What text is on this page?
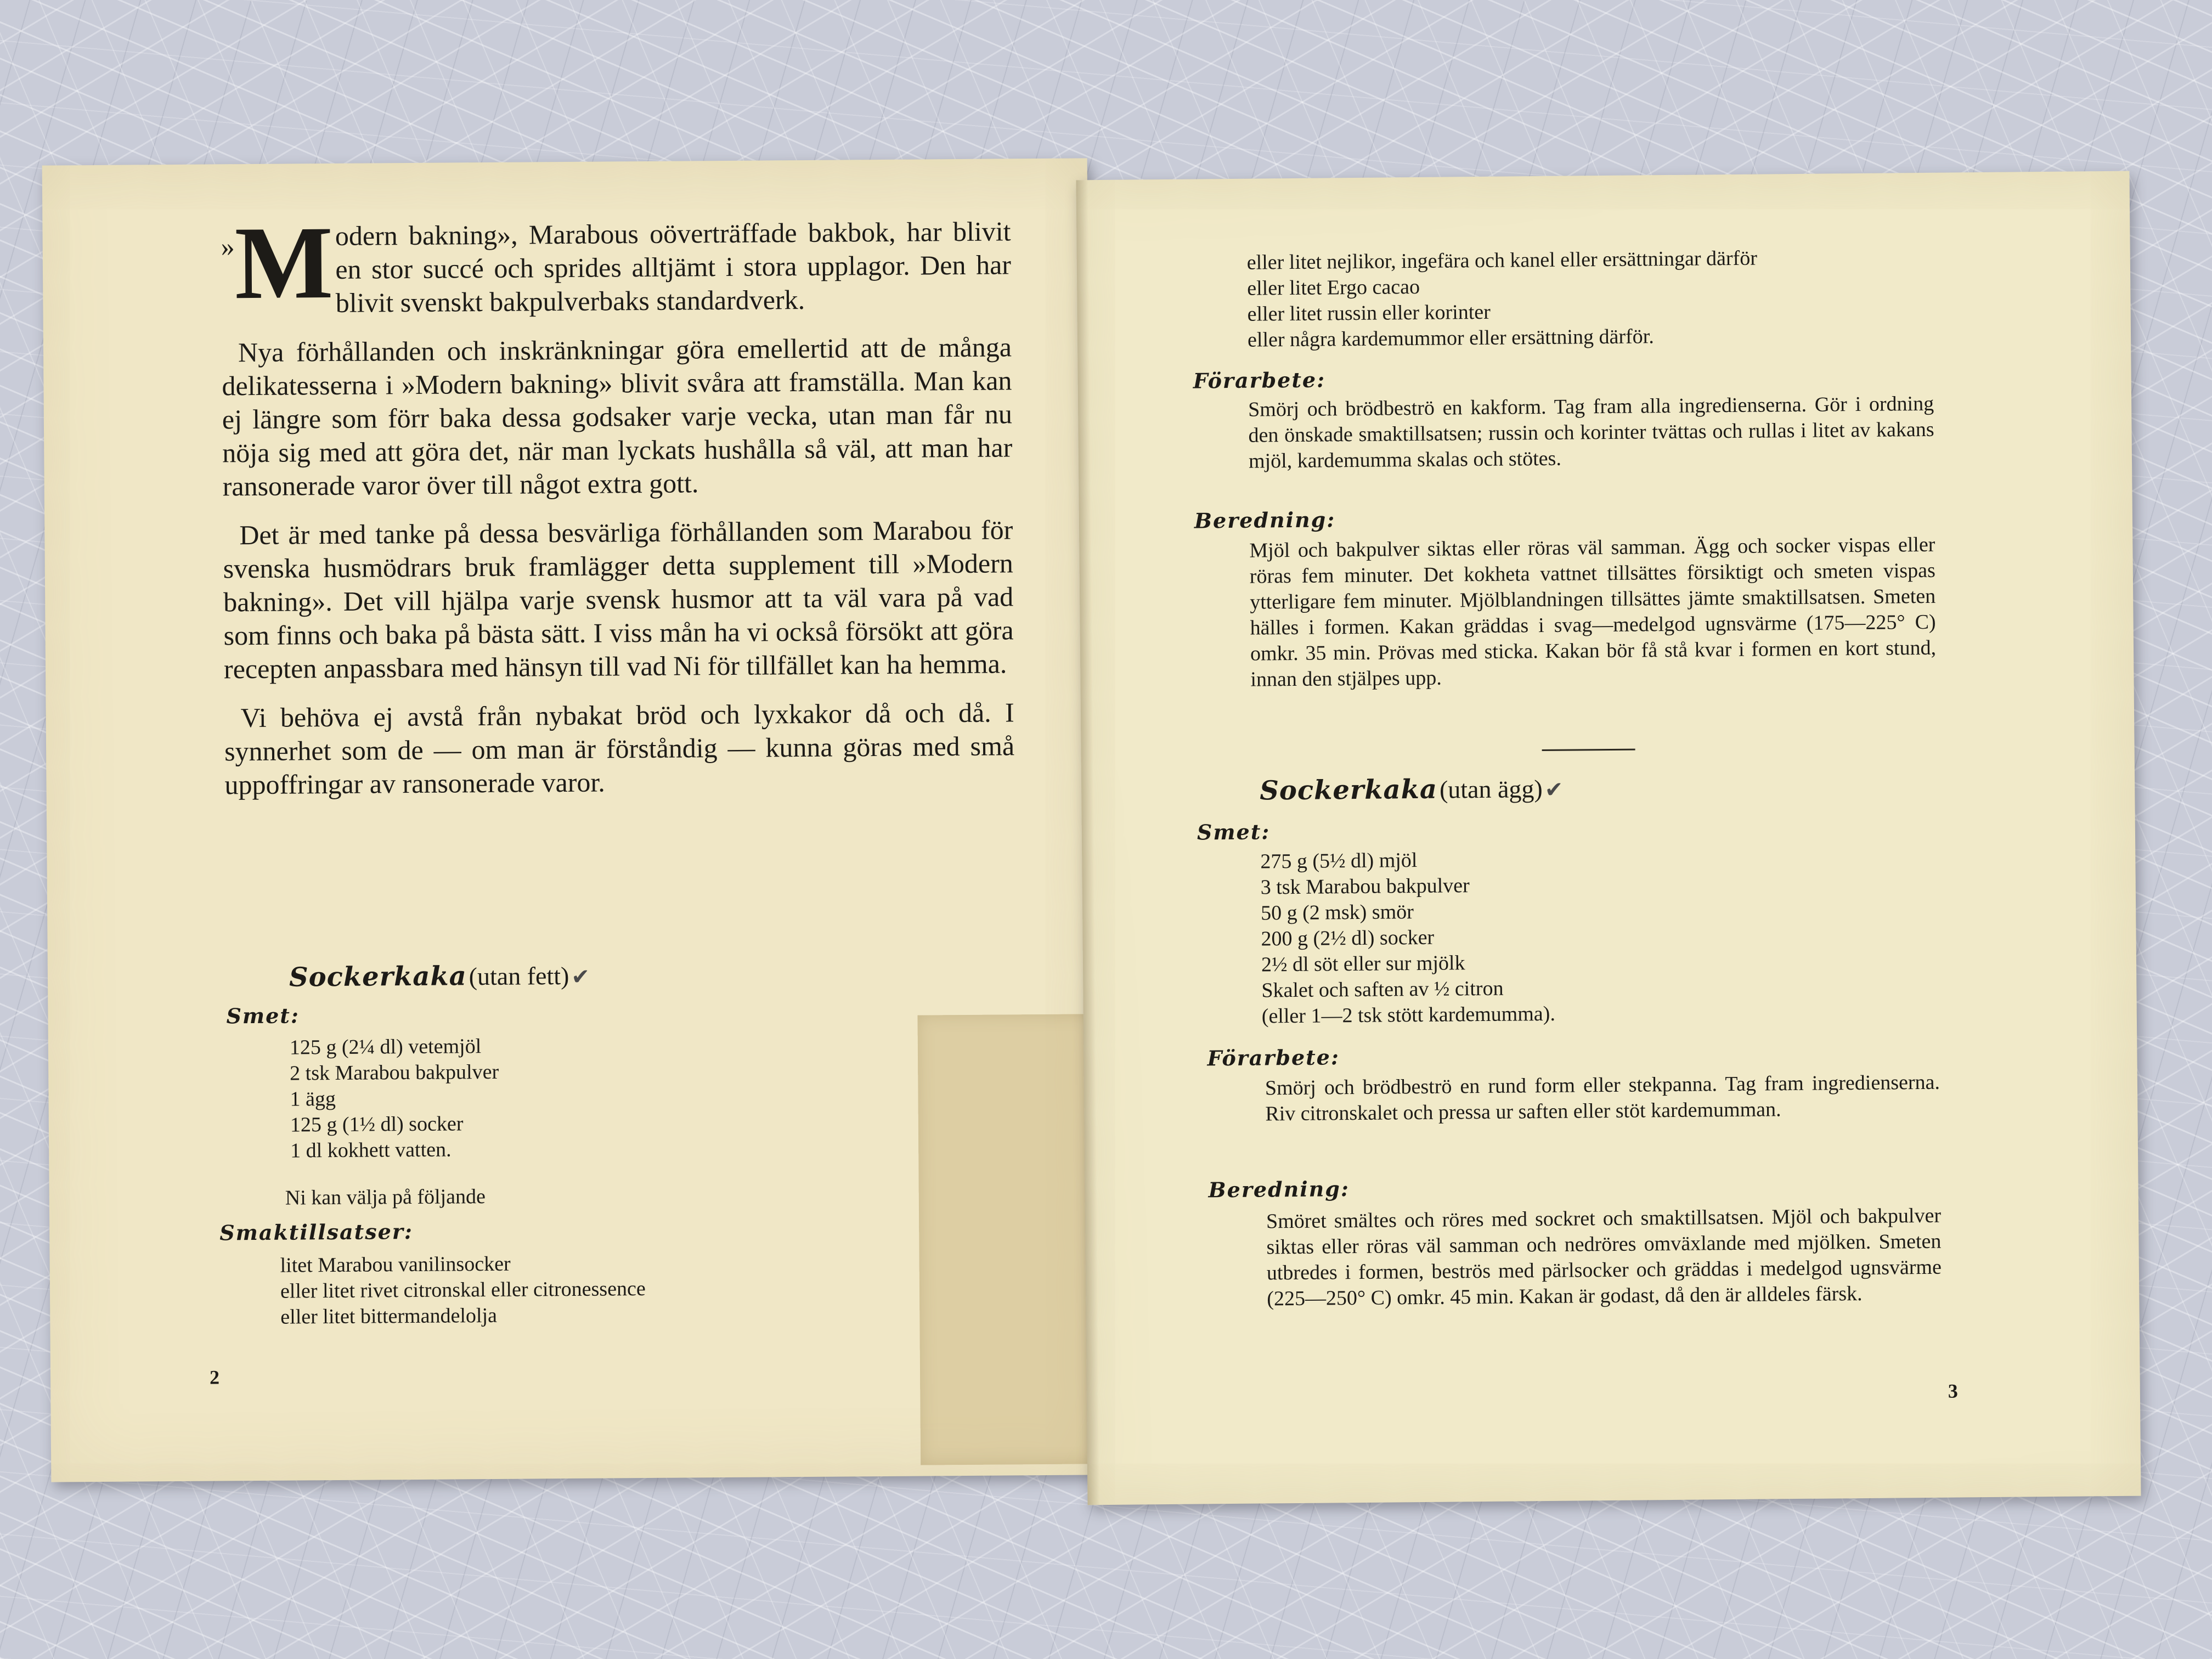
» M odern bakning», Marabous oöverträffade bakbok, har blivit en stor succé och sprides alltjämt i stora upplagor. Den har blivit svenskt bakpulverbaks standardverk.

Nya förhållanden och inskränkningar göra emellertid att de många delikatesserna i »Modern bakning» blivit svåra att framställa. Man kan ej längre som förr baka dessa godsaker varje vecka, utan man får nu nöja sig med att göra det, när man lyckats hushålla så väl, att man har ransonerade varor över till något extra gott.

Det är med tanke på dessa besvärliga förhållanden som Marabou för svenska husmödrars bruk framlägger detta supplement till »Modern bakning». Det vill hjälpa varje svensk husmor att ta väl vara på vad som finns och baka på bästa sätt. I viss mån ha vi också försökt att göra recepten anpassbara med hänsyn till vad Ni för tillfället kan ha hemma.

Vi behöva ej avstå från nybakat bröd och lyxkakor då och då. I synnerhet som de — om man är förståndig — kunna göras med små uppoffringar av ransonerade varor.

Sockerkaka (utan fett) ✔
Smet:
125 g (2¼ dl) vetemjöl
2 tsk Marabou bakpulver
1 ägg
125 g (1½ dl) socker
1 dl kokhett vatten.
Ni kan välja på följande
Smaktillsatser:
litet Marabou vanilinsocker
eller litet rivet citronskal eller citronessence
eller litet bittermandelolja
2
eller litet nejlikor, ingefära och kanel eller ersättningar därför
eller litet Ergo cacao
eller litet russin eller korinter
eller några kardemummor eller ersättning därför.
Förarbete:

Smörj och brödbeströ en kakform. Tag fram alla ingredienserna. Gör i ordning den önskade smaktillsatsen; russin och korinter tvättas och rullas i litet av kakans mjöl, kardemumma skalas och stötes.

Beredning:

Mjöl och bakpulver siktas eller röras väl samman. Ägg och socker vispas eller röras fem minuter. Det kokheta vattnet tillsättes försiktigt och smeten vispas ytterligare fem minuter. Mjölblandningen tillsättes jämte smaktillsatsen. Smeten hälles i formen. Kakan gräddas i svag—medelgod ugnsvärme (175—225° C) omkr. 35 min. Prövas med sticka. Kakan bör få stå kvar i formen en kort stund, innan den stjälpes upp.

Sockerkaka (utan ägg) ✔
Smet:
275 g (5½ dl) mjöl
3 tsk Marabou bakpulver
50 g (2 msk) smör
200 g (2½ dl) socker
2½ dl söt eller sur mjölk
Skalet och saften av ½ citron
(eller 1—2 tsk stött kardemumma).
Förarbete:

Smörj och brödbeströ en rund form eller stekpanna. Tag fram ingredienserna. Riv citronskalet och pressa ur saften eller stöt kardemumman.

Beredning:

Smöret smältes och röres med sockret och smaktillsatsen. Mjöl och bakpulver siktas eller röras väl samman och nedröres omväxlande med mjölken. Smeten utbredes i formen, beströs med pärlsocker och gräddas i medelgod ugnsvärme (225—250° C) omkr. 45 min. Kakan är godast, då den är alldeles färsk.

3
